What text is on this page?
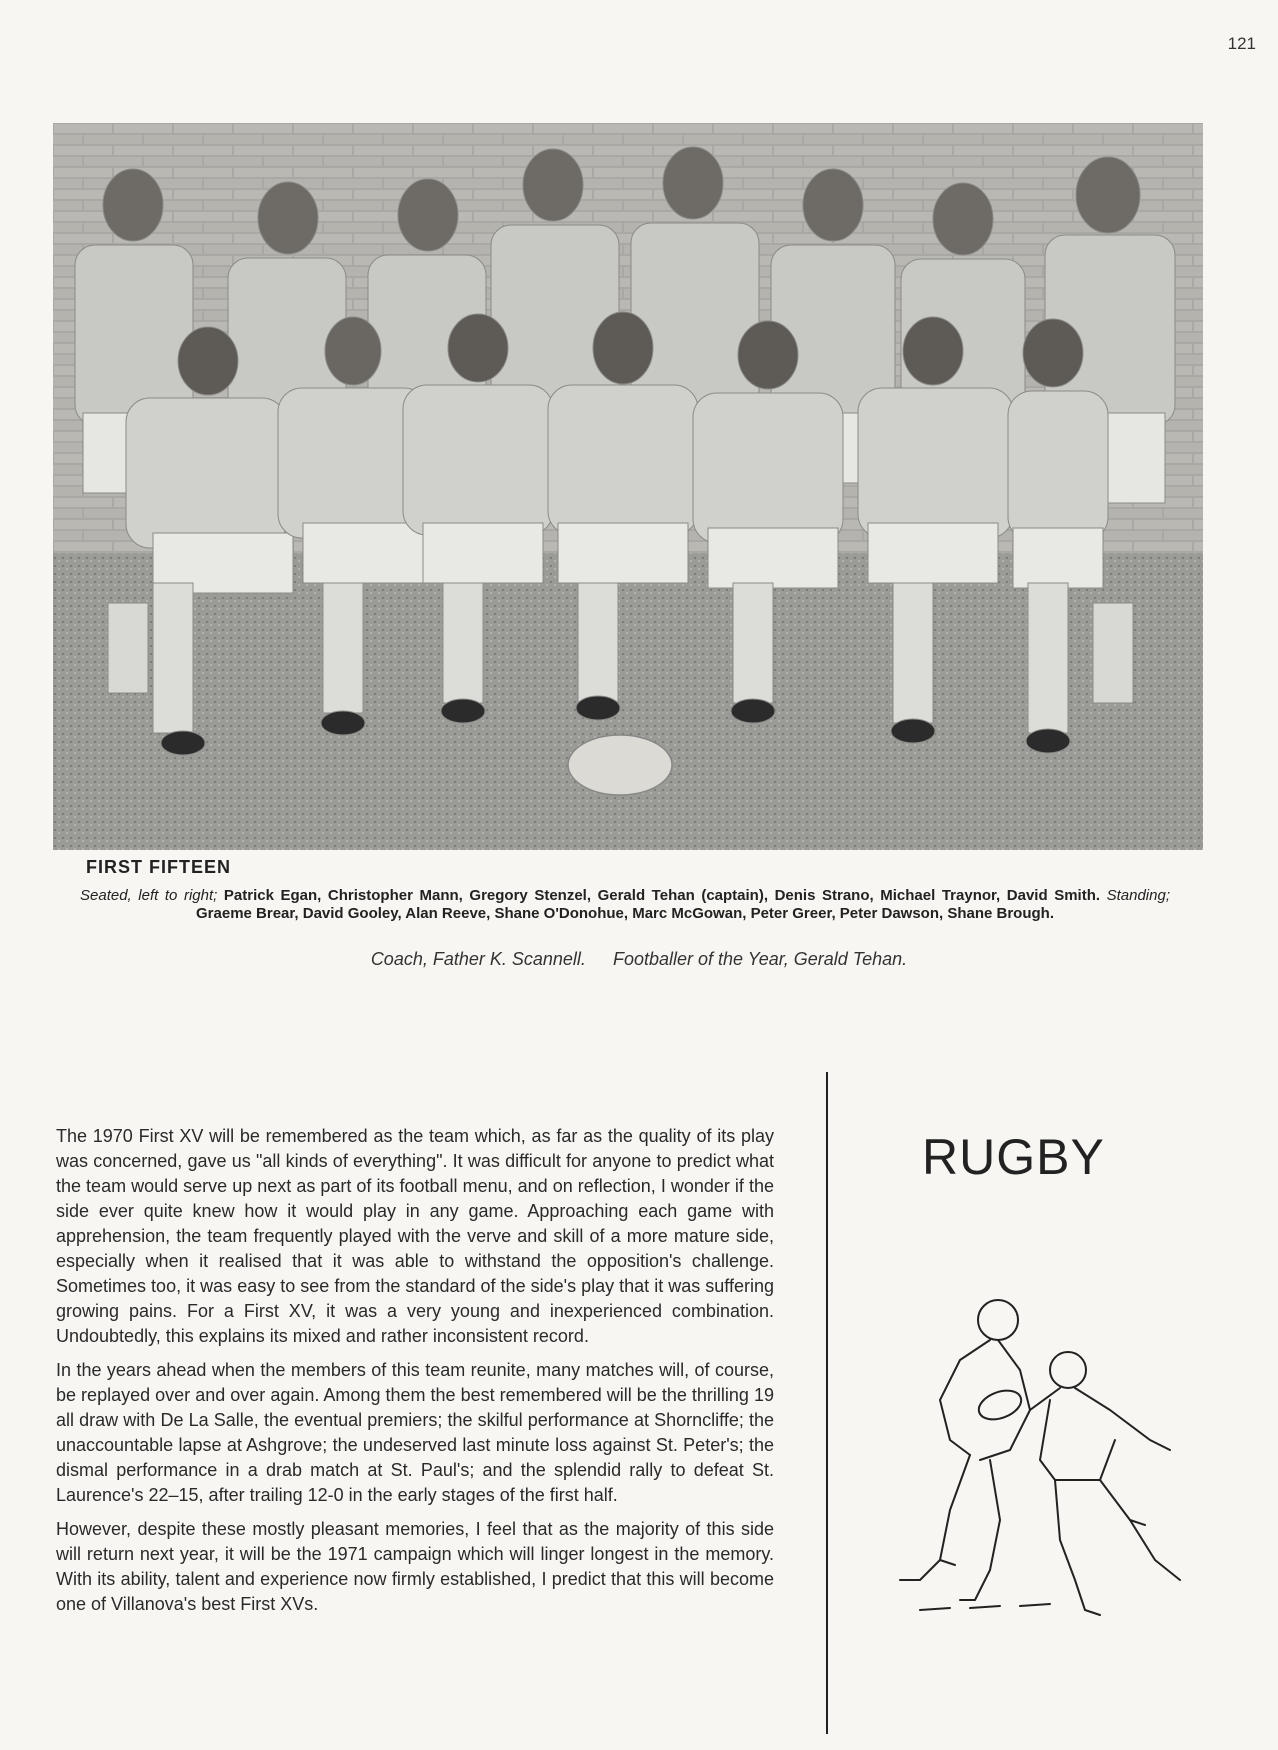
121
FIRST FIFTEEN
Seated, left to right; Patrick Egan, Christopher Mann, Gregory Stenzel, Gerald Tehan (captain), Denis Strano, Michael Traynor, David Smith. Standing; Graeme Brear, David Gooley, Alan Reeve, Shane O'Donohue, Marc McGowan, Peter Greer, Peter Dawson, Shane Brough.
Coach, Father K. Scannell. Footballer of the Year, Gerald Tehan.

The 1970 First XV will be remembered as the team which, as far as the quality of its play was concerned, gave us "all kinds of everything". It was difficult for anyone to predict what the team would serve up next as part of its football menu, and on reflection, I wonder if the side ever quite knew how it would play in any game. Approaching each game with apprehension, the team frequently played with the verve and skill of a more mature side, especially when it realised that it was able to withstand the opposition's challenge. Sometimes too, it was easy to see from the standard of the side's play that it was suffering growing pains. For a First XV, it was a very young and inexperienced combination. Undoubtedly, this explains its mixed and rather inconsistent record.

In the years ahead when the members of this team reunite, many matches will, of course, be replayed over and over again. Among them the best remembered will be the thrilling 19 all draw with De La Salle, the eventual premiers; the skilful performance at Shorncliffe; the unaccountable lapse at Ashgrove; the undeserved last minute loss against St. Peter's; the dismal performance in a drab match at St. Paul's; and the splendid rally to defeat St. Laurence's 22–15, after trailing 12-0 in the early stages of the first half.

However, despite these mostly pleasant memories, I feel that as the majority of this side will return next year, it will be the 1971 campaign which will linger longest in the memory. With its ability, talent and experience now firmly established, I predict that this will become one of Villanova's best First XVs.

RUGBY
